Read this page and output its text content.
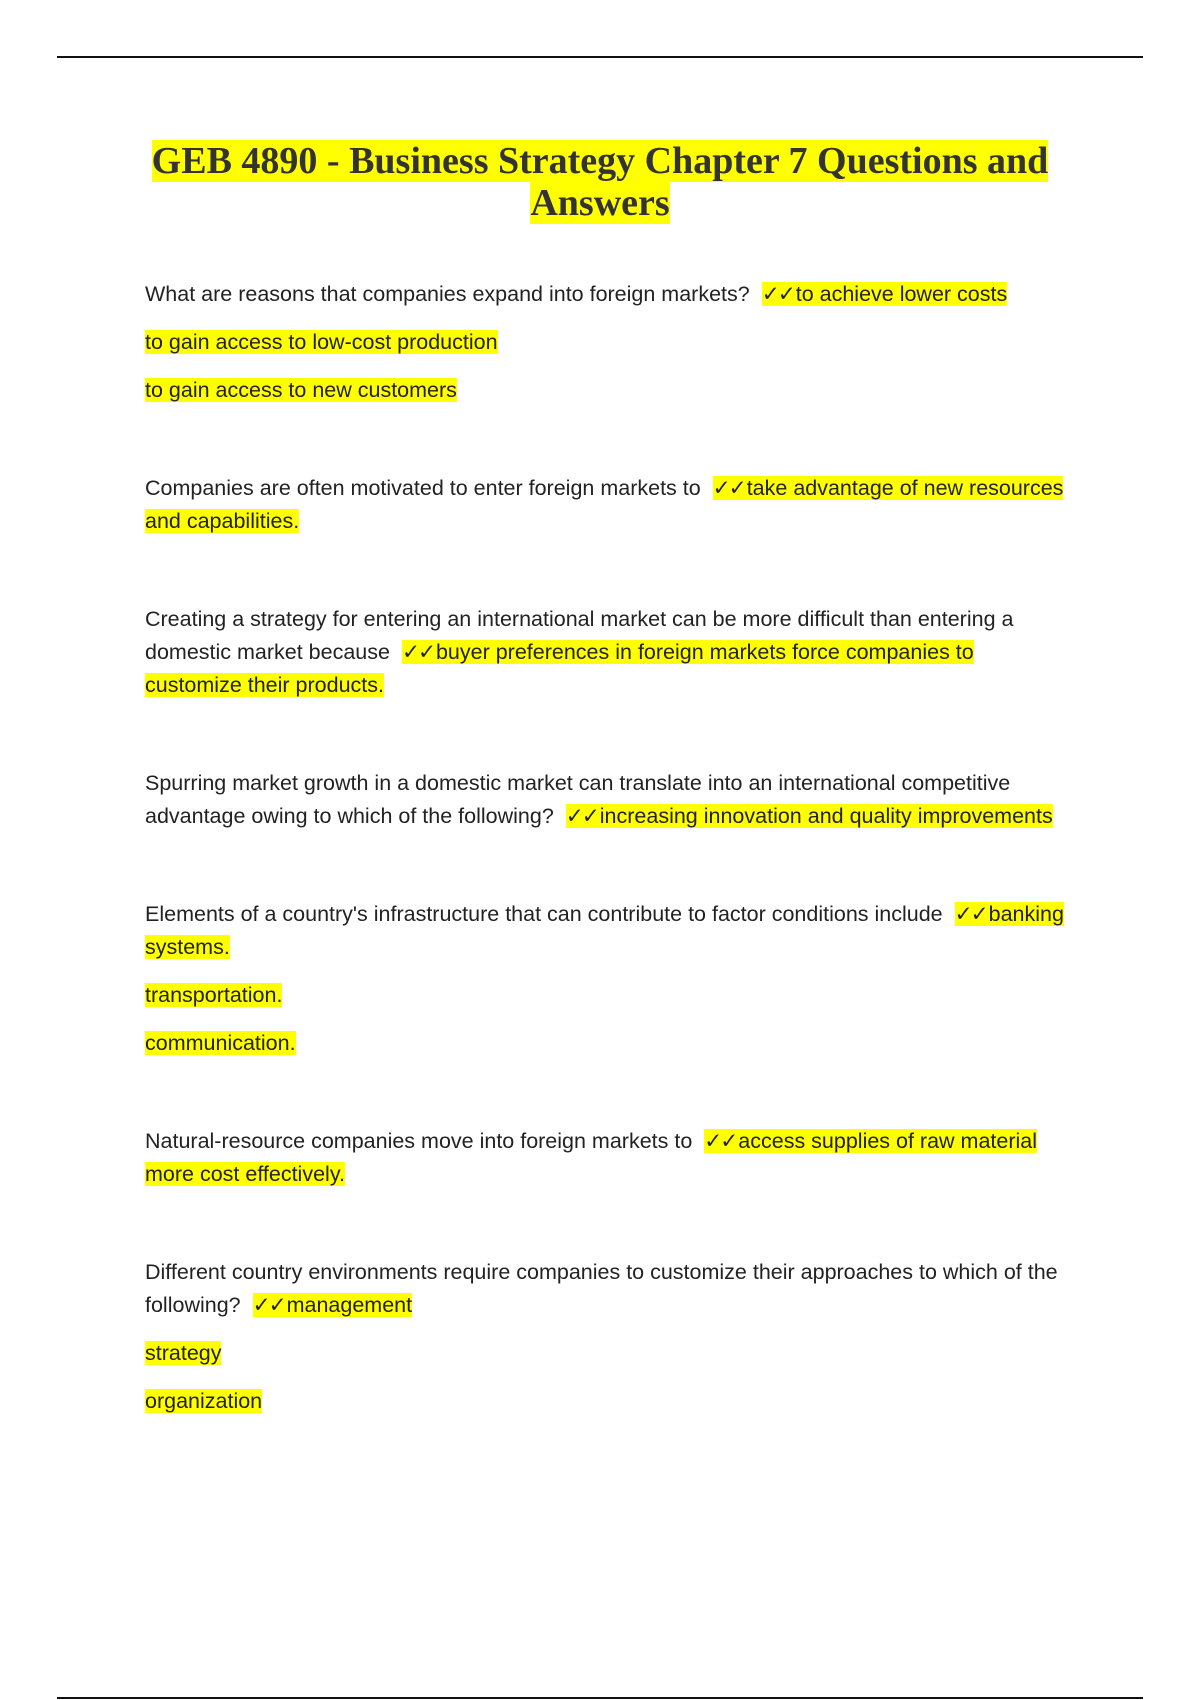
GEB 4890 - Business Strategy Chapter 7 Questions and Answers

What are reasons that companies expand into foreign markets? ✓✓to achieve lower costs

to gain access to low-cost production

to gain access to new customers

Companies are often motivated to enter foreign markets to ✓✓take advantage of new resources and capabilities.

Creating a strategy for entering an international market can be more difficult than entering a domestic market because ✓✓buyer preferences in foreign markets force companies to customize their products.

Spurring market growth in a domestic market can translate into an international competitive advantage owing to which of the following? ✓✓increasing innovation and quality improvements

Elements of a country's infrastructure that can contribute to factor conditions include ✓✓banking systems.

transportation.

communication.

Natural-resource companies move into foreign markets to ✓✓access supplies of raw material more cost effectively.

Different country environments require companies to customize their approaches to which of the following? ✓✓management

strategy

organization
